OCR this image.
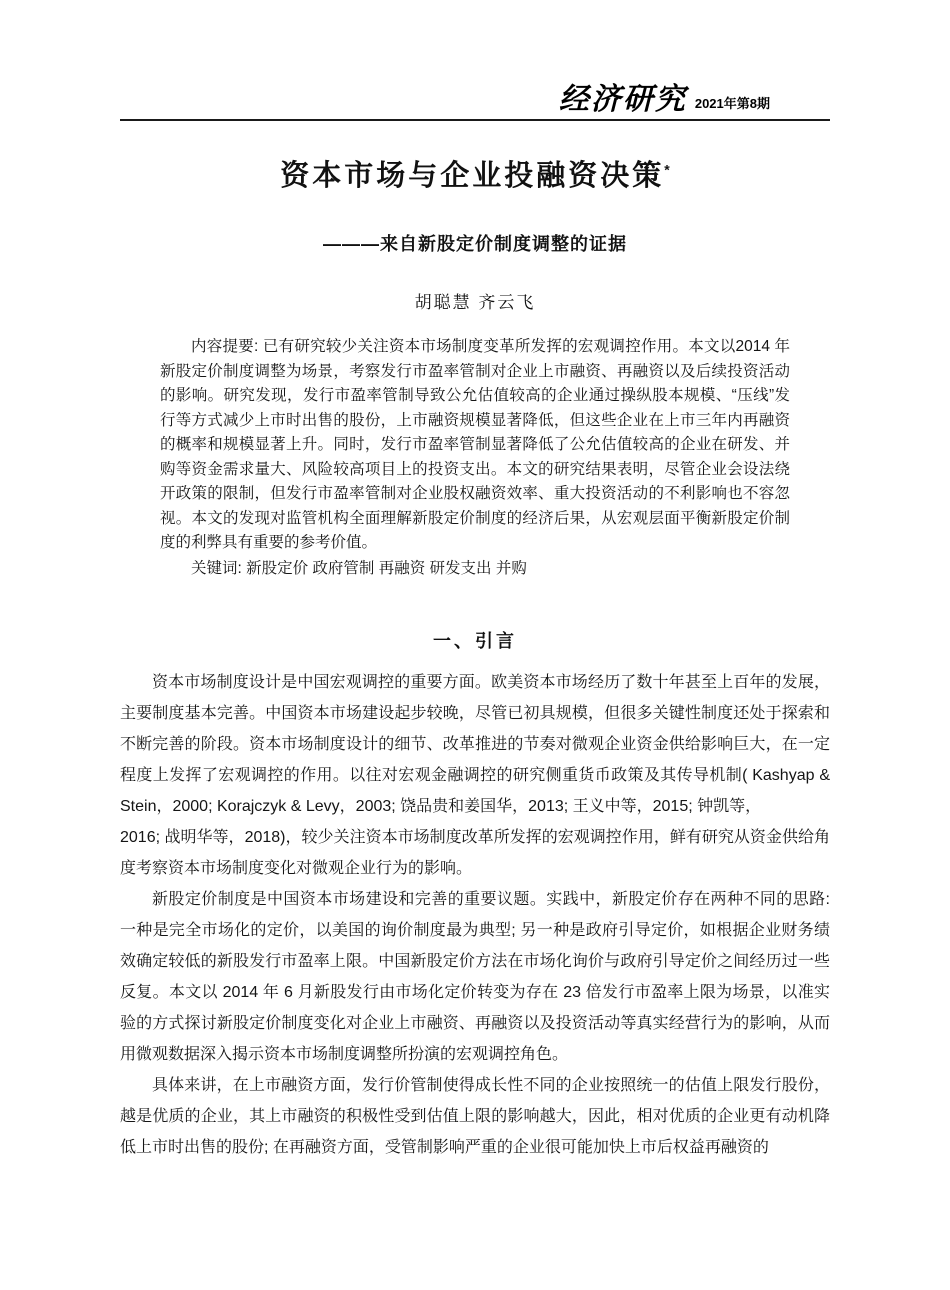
经济研究 2021年第8期
资本市场与企业投融资决策*
———来自新股定价制度调整的证据
胡聪慧 齐云飞

内容提要: 已有研究较少关注资本市场制度变革所发挥的宏观调控作用。本文以2014 年新股定价制度调整为场景，考察发行市盈率管制对企业上市融资、再融资以及后续投资活动的影响。研究发现，发行市盈率管制导致公允估值较高的企业通过操纵股本规模、“压线”发行等方式减少上市时出售的股份，上市融资规模显著降低，但这些企业在上市三年内再融资的概率和规模显著上升。同时，发行市盈率管制显著降低了公允估值较高的企业在研发、并购等资金需求量大、风险较高项目上的投资支出。本文的研究结果表明，尽管企业会设法绕开政策的限制，但发行市盈率管制对企业股权融资效率、重大投资活动的不利影响也不容忽视。本文的发现对监管机构全面理解新股定价制度的经济后果，从宏观层面平衡新股定价制度的利弊具有重要的参考价值。

关键词: 新股定价 政府管制 再融资 研发支出 并购

一、引言

资本市场制度设计是中国宏观调控的重要方面。欧美资本市场经历了数十年甚至上百年的发展，主要制度基本完善。中国资本市场建设起步较晚，尽管已初具规模，但很多关键性制度还处于探索和不断完善的阶段。资本市场制度设计的细节、改革推进的节奏对微观企业资金供给影响巨大，在一定程度上发挥了宏观调控的作用。以往对宏观金融调控的研究侧重货币政策及其传导机制( Kashyap & Stein，2000; Korajczyk & Levy，2003; 饶品贵和姜国华，2013; 王义中等，2015; 钟凯等，

2016; 战明华等，2018)，较少关注资本市场制度改革所发挥的宏观调控作用，鲜有研究从资金供给角度考察资本市场制度变化对微观企业行为的影响。

新股定价制度是中国资本市场建设和完善的重要议题。实践中，新股定价存在两种不同的思路: 一种是完全市场化的定价，以美国的询价制度最为典型; 另一种是政府引导定价，如根据企业财务绩效确定较低的新股发行市盈率上限。中国新股定价方法在市场化询价与政府引导定价之间经历过一些反复。本文以 2014 年 6 月新股发行由市场化定价转变为存在 23 倍发行市盈率上限为场景，以准实验的方式探讨新股定价制度变化对企业上市融资、再融资以及投资活动等真实经营行为的影响，从而用微观数据深入揭示资本市场制度调整所扮演的宏观调控角色。

具体来讲，在上市融资方面，发行价管制使得成长性不同的企业按照统一的估值上限发行股份，越是优质的企业，其上市融资的积极性受到估值上限的影响越大，因此，相对优质的企业更有动机降低上市时出售的股份; 在再融资方面，受管制影响严重的企业很可能加快上市后权益再融资的
